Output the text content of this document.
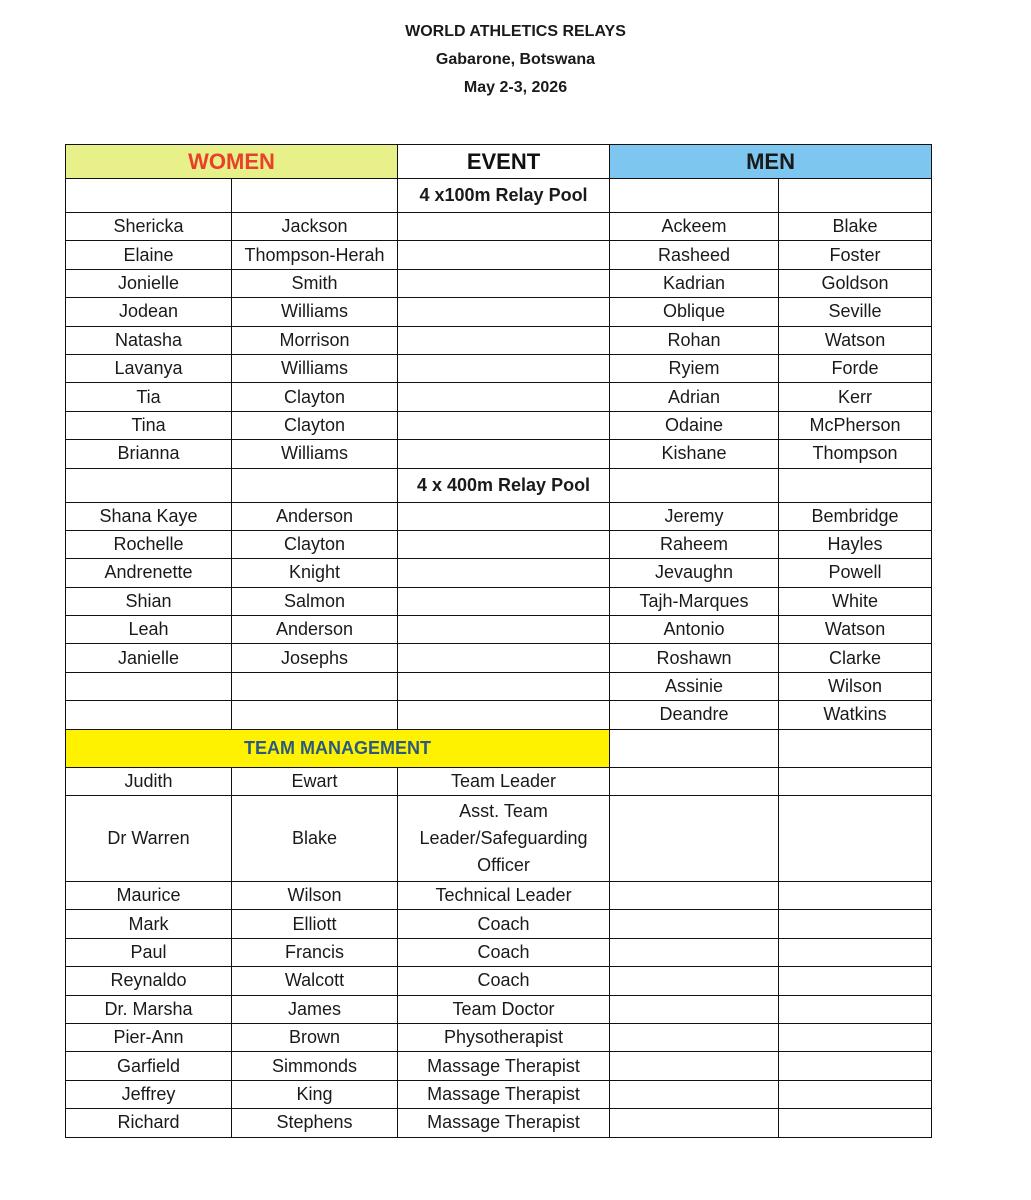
WORLD ATHLETICS RELAYS
Gabarone, Botswana
May 2-3, 2026
WOMEN		EVENT	MEN	
		4 x100m Relay Pool		
Shericka	Jackson		Ackeem	Blake
Elaine	Thompson-Herah		Rasheed	Foster
Jonielle	Smith		Kadrian	Goldson
Jodean	Williams		Oblique	Seville
Natasha	Morrison		Rohan	Watson
Lavanya	Williams		Ryiem	Forde
Tia	Clayton		Adrian	Kerr
Tina	Clayton		Odaine	McPherson
Brianna	Williams		Kishane	Thompson
		4 x 400m Relay Pool		
Shana Kaye	Anderson		Jeremy	Bembridge
Rochelle	Clayton		Raheem	Hayles
Andrenette	Knight		Jevaughn	Powell
Shian	Salmon		Tajh-Marques	White
Leah	Anderson		Antonio	Watson
Janielle	Josephs		Roshawn	Clarke
			Assinie	Wilson
			Deandre	Watkins
TEAM MANAGEMENT				
Judith	Ewart	Team Leader		
Dr Warren	Blake	Asst. Team Leader/Safeguarding Officer		
Maurice	Wilson	Technical Leader		
Mark	Elliott	Coach		
Paul	Francis	Coach		
Reynaldo	Walcott	Coach		
Dr. Marsha	James	Team Doctor		
Pier-Ann	Brown	Physotherapist		
Garfield	Simmonds	Massage Therapist		
Jeffrey	King	Massage Therapist		
Richard	Stephens	Massage Therapist		
